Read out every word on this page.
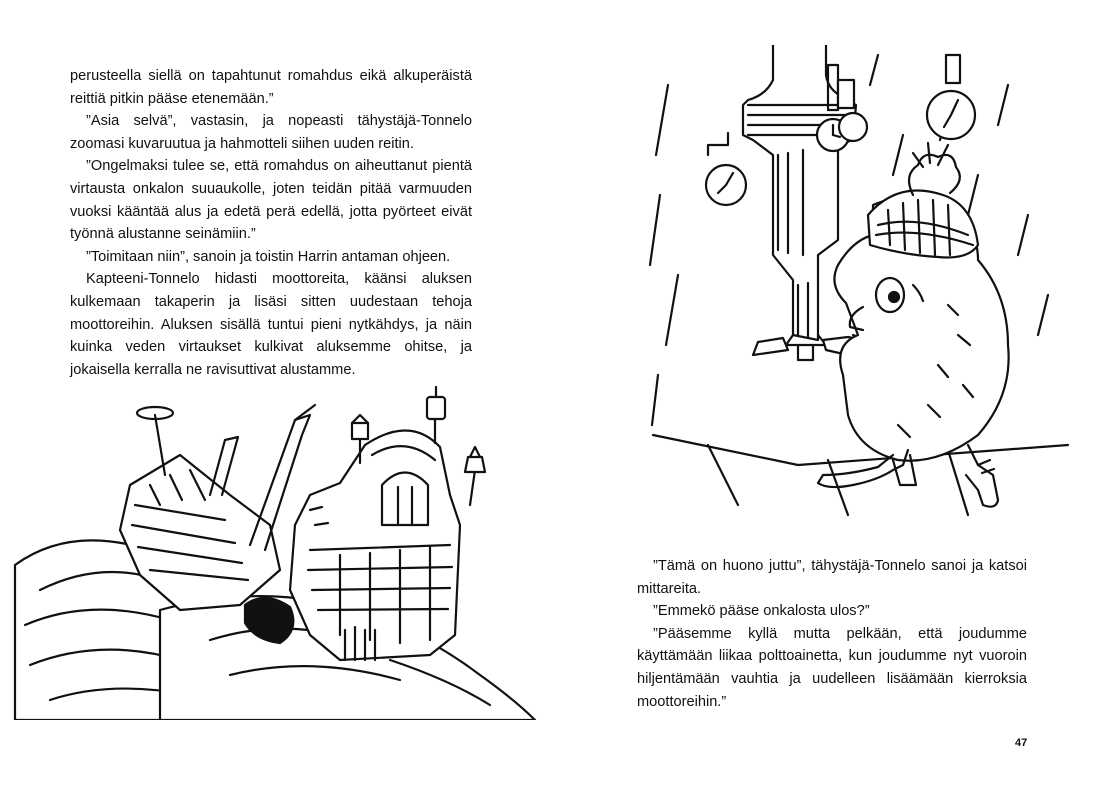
perusteella siellä on tapahtunut romahdus eikä alkuperäistä reittiä pitkin pääse etenemään.”

”Asia selvä”, vastasin, ja nopeasti tähystäjä-Tonnelo zoomasi kuvaruutua ja hahmotteli siihen uuden reitin.

”Ongelmaksi tulee se, että romahdus on aiheuttanut pientä virtausta onkalon suuaukolle, joten teidän pitää varmuuden vuoksi kääntää alus ja edetä perä edellä, jotta pyörteet eivät työnnä alustanne seinämiin.”

”Toimitaan niin”, sanoin ja toistin Harrin antaman ohjeen.

Kapteeni-Tonnelo hidasti moottoreita, käänsi aluksen kulkemaan takaperin ja lisäsi sitten uudestaan tehoja moottoreihin. Aluksen sisällä tuntui pieni nytkähdys, ja näin kuinka veden virtaukset kulkivat aluksemme ohitse, ja jokaisella kerralla ne ravisuttivat alustamme.

”Tämä on huono juttu”, tähystäjä-Tonnelo sanoi ja katsoi mittareita.

”Emmekö pääse onkalosta ulos?”

”Pääsemme kyllä mutta pelkään, että joudumme käyttämään liikaa polttoainetta, kun joudumme nyt vuoroin hiljentämään vauhtia ja uudelleen lisäämään kierroksia moottoreihin.”

47
